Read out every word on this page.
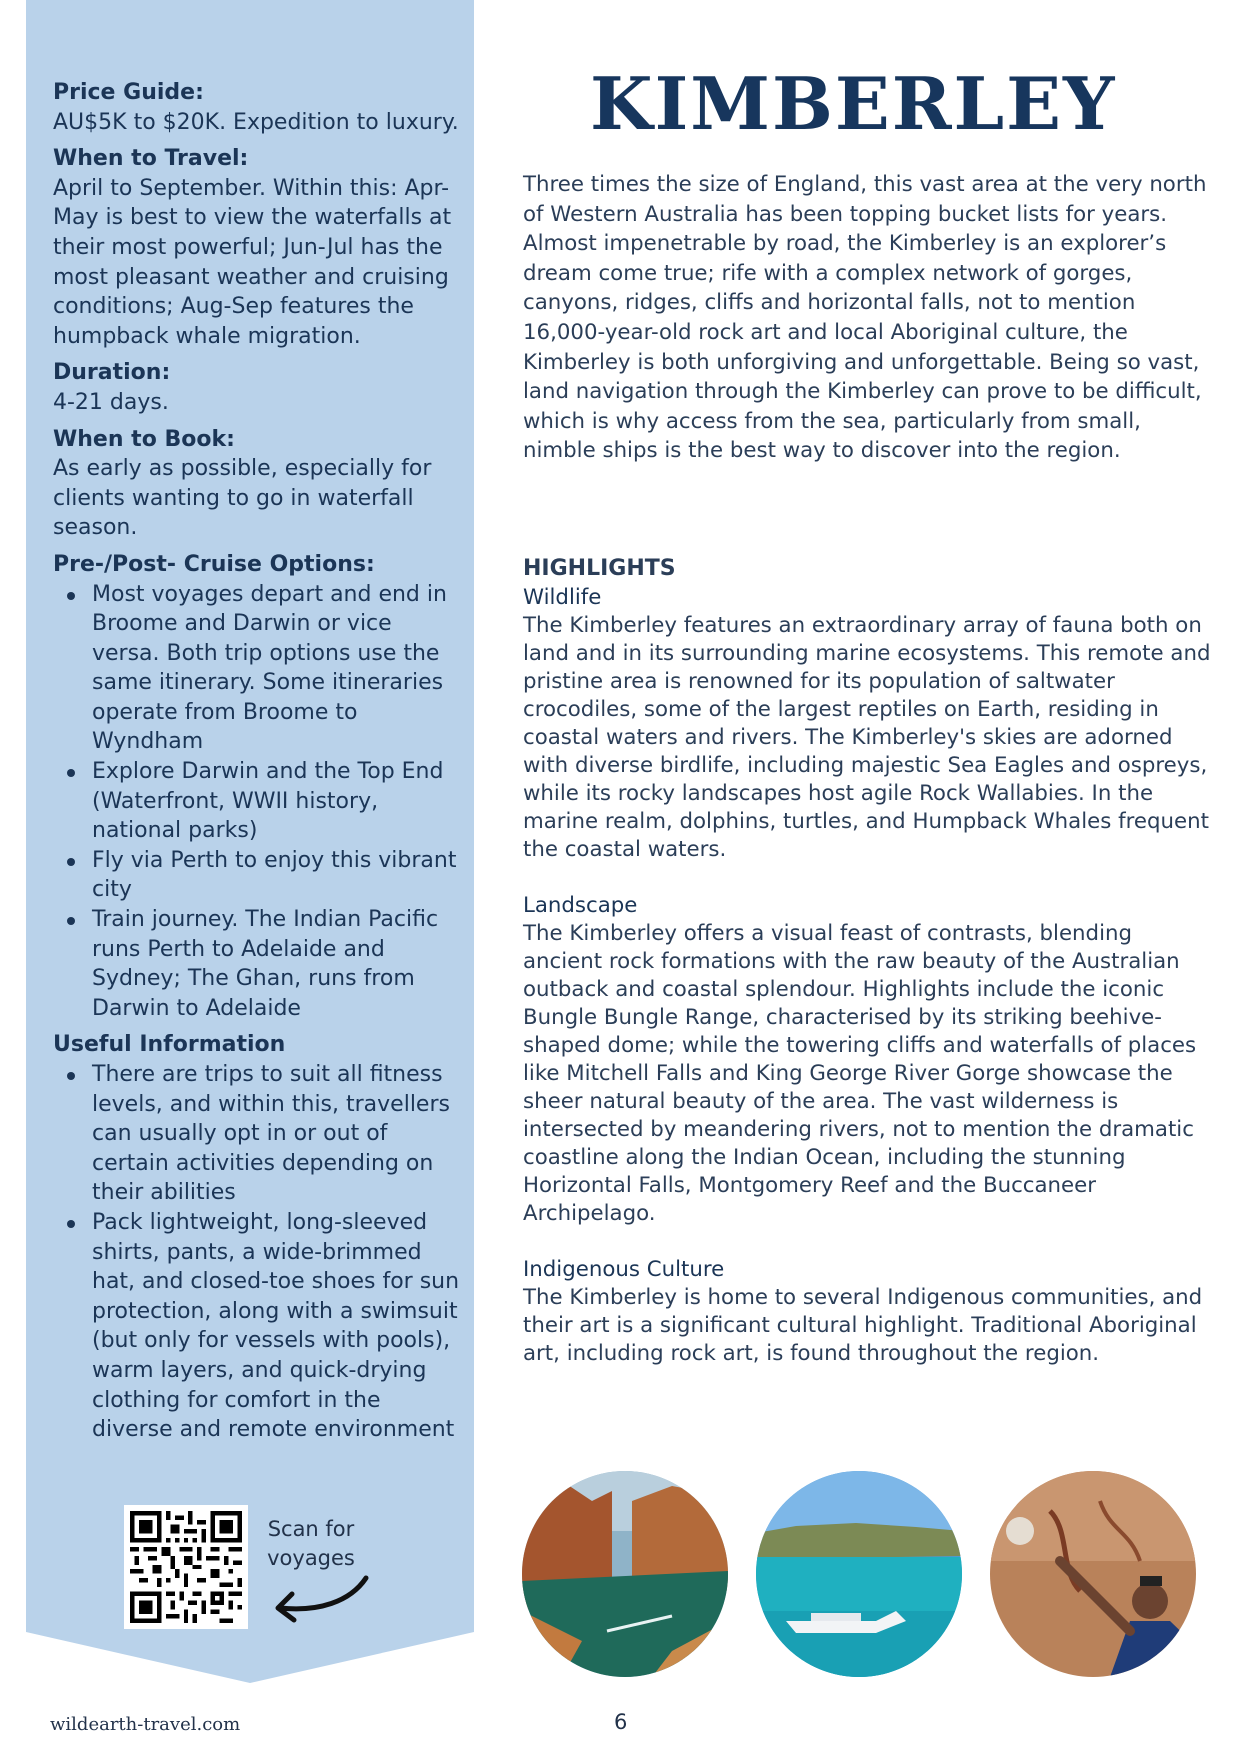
Price Guide:

AU$5K to $20K. Expedition to luxury.

When to Travel:

April to September. Within this: Apr-May is best to view the waterfalls at their most powerful; Jun-Jul has the most pleasant weather and cruising conditions; Aug-Sep features the humpback whale migration.

Duration:

4-21 days.

When to Book:

As early as possible, especially for clients wanting to go in waterfall season.

Pre-/Post- Cruise Options:
Most voyages depart and end in Broome and Darwin or vice versa. Both trip options use the same itinerary. Some itineraries operate from Broome to Wyndham
Explore Darwin and the Top End (Waterfront, WWII history, national parks)
Fly via Perth to enjoy this vibrant city
Train journey. The Indian Pacific runs Perth to Adelaide and Sydney; The Ghan, runs from Darwin to Adelaide
Useful Information
There are trips to suit all fitness levels, and within this, travellers can usually opt in or out of certain activities depending on their abilities
Pack lightweight, long-sleeved shirts, pants, a wide-brimmed hat, and closed-toe shoes for sun protection, along with a swimsuit (but only for vessels with pools), warm layers, and quick-drying clothing for comfort in the diverse and remote environment
Scan for voyages
KIMBERLEY

Three times the size of England, this vast area at the very north of Western Australia has been topping bucket lists for years. Almost impenetrable by road, the Kimberley is an explorer’s dream come true; rife with a complex network of gorges, canyons, ridges, cliffs and horizontal falls, not to mention 16,000-year-old rock art and local Aboriginal culture, the Kimberley is both unforgiving and unforgettable. Being so vast, land navigation through the Kimberley can prove to be difficult, which is why access from the sea, particularly from small, nimble ships is the best way to discover into the region.

HIGHLIGHTS
Wildlife

The Kimberley features an extraordinary array of fauna both on land and in its surrounding marine ecosystems. This remote and pristine area is renowned for its population of saltwater crocodiles, some of the largest reptiles on Earth, residing in coastal waters and rivers. The Kimberley's skies are adorned with diverse birdlife, including majestic Sea Eagles and ospreys, while its rocky landscapes host agile Rock Wallabies. In the marine realm, dolphins, turtles, and Humpback Whales frequent the coastal waters.

Landscape

The Kimberley offers a visual feast of contrasts, blending ancient rock formations with the raw beauty of the Australian outback and coastal splendour. Highlights include the iconic Bungle Bungle Range, characterised by its striking beehive-shaped dome; while the towering cliffs and waterfalls of places like Mitchell Falls and King George River Gorge showcase the sheer natural beauty of the area. The vast wilderness is intersected by meandering rivers, not to mention the dramatic coastline along the Indian Ocean, including the stunning Horizontal Falls, Montgomery Reef and the Buccaneer Archipelago.

Indigenous Culture

The Kimberley is home to several Indigenous communities, and their art is a significant cultural highlight. Traditional Aboriginal art, including rock art, is found throughout the region.

wildearth-travel.com	6
